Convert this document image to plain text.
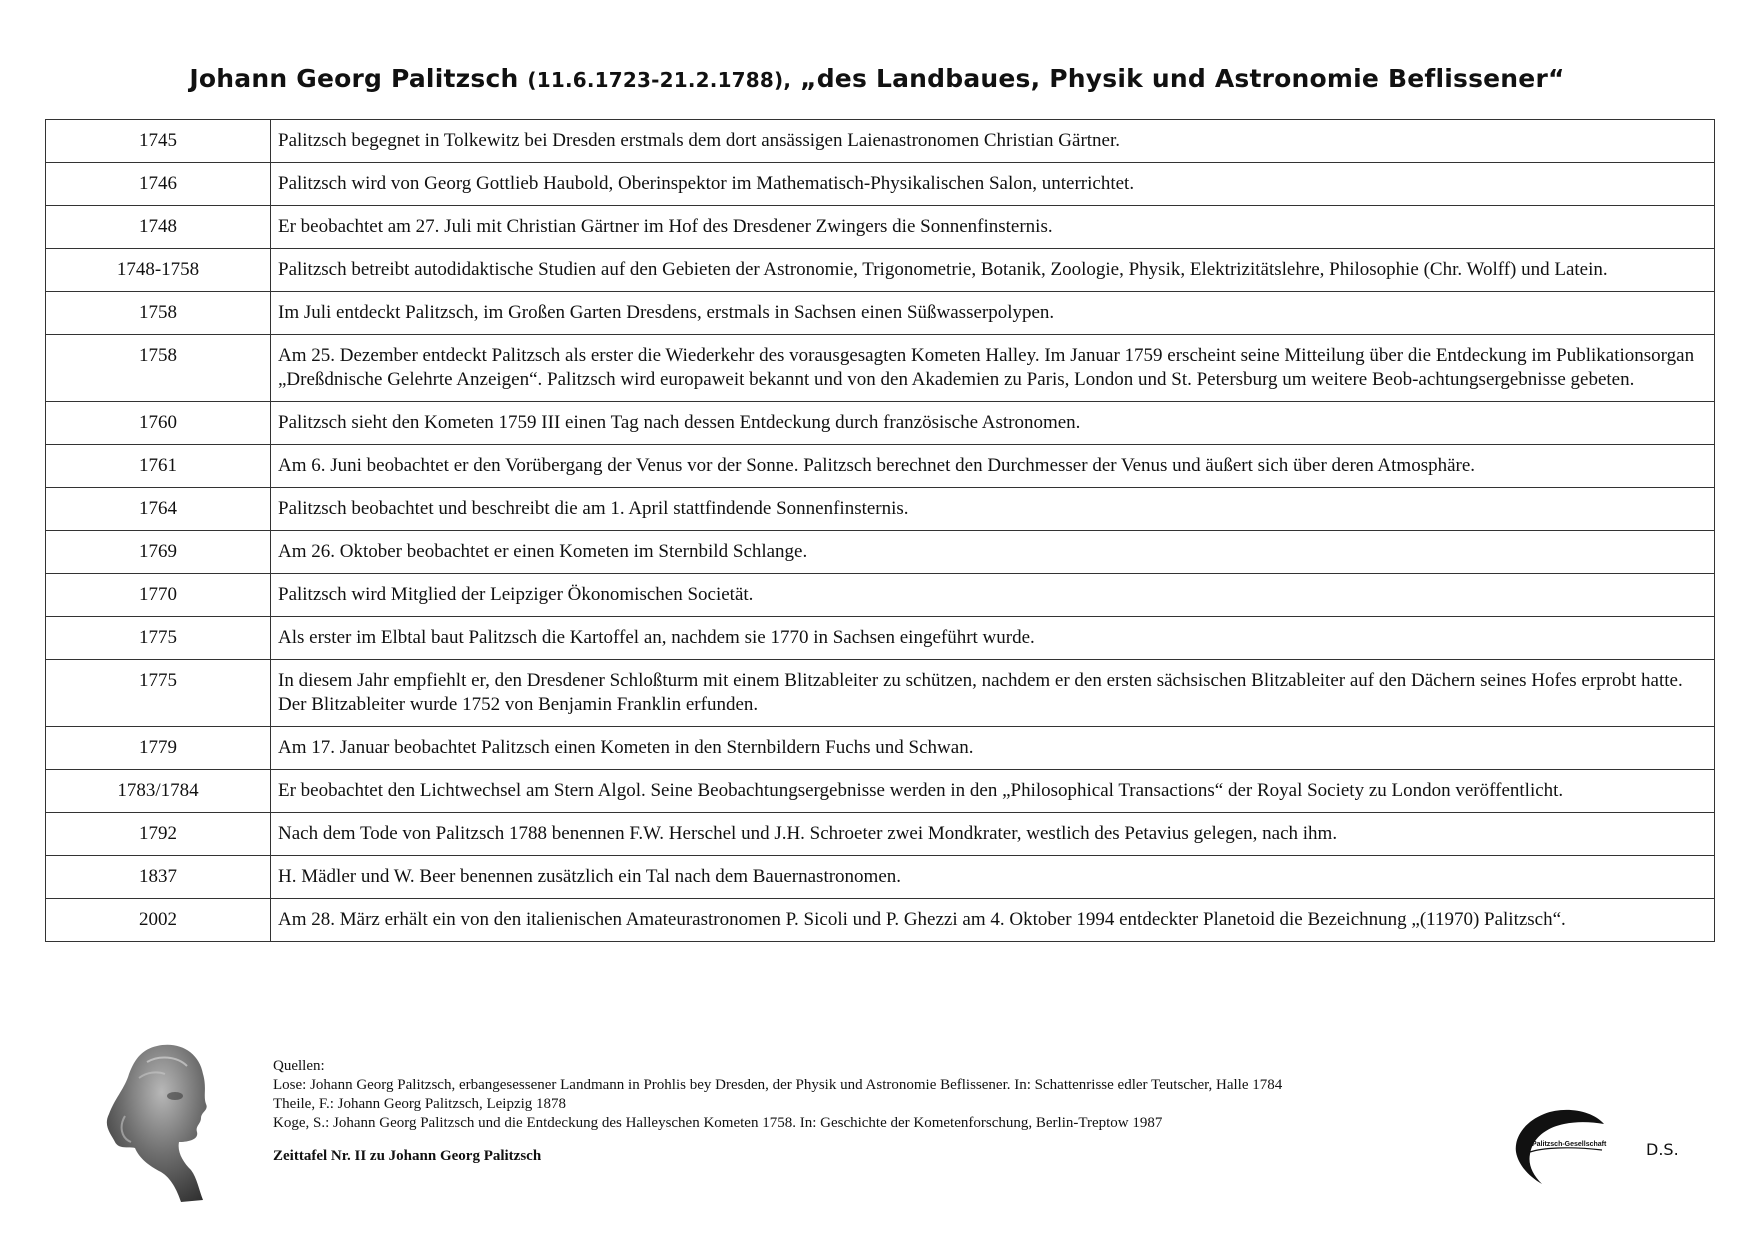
Johann Georg Palitzsch (11.6.1723-21.2.1788), „des Landbaues, Physik und Astronomie Beflissener“
1745	Palitzsch begegnet in Tolkewitz bei Dresden erstmals dem dort ansässigen Laienastronomen Christian Gärtner.
1746	Palitzsch wird von Georg Gottlieb Haubold, Oberinspektor im Mathematisch-Physikalischen Salon, unterrichtet.
1748	Er beobachtet am 27. Juli mit Christian Gärtner im Hof des Dresdener Zwingers die Sonnenfinsternis.
1748-1758	Palitzsch betreibt autodidaktische Studien auf den Gebieten der Astronomie, Trigonometrie, Botanik, Zoologie, Physik, Elektrizitätslehre, Philosophie (Chr. Wolff) und Latein.
1758	Im Juli entdeckt Palitzsch, im Großen Garten Dresdens, erstmals in Sachsen einen Süßwasserpolypen.
1758	Am 25. Dezember entdeckt Palitzsch als erster die Wiederkehr des vorausgesagten Kometen Halley. Im Januar 1759 erscheint seine Mitteilung über die Entdeckung im Publikationsorgan „Dreßdnische Gelehrte Anzeigen“. Palitzsch wird europaweit bekannt und von den Akademien zu Paris, London und St. Petersburg um weitere Beob-achtungsergebnisse gebeten.
1760	Palitzsch sieht den Kometen 1759 III einen Tag nach dessen Entdeckung durch französische Astronomen.
1761	Am 6. Juni beobachtet er den Vorübergang der Venus vor der Sonne. Palitzsch berechnet den Durchmesser der Venus und äußert sich über deren Atmosphäre.
1764	Palitzsch beobachtet und beschreibt die am 1. April stattfindende Sonnenfinsternis.
1769	Am 26. Oktober beobachtet er einen Kometen im Sternbild Schlange.
1770	Palitzsch wird Mitglied der Leipziger Ökonomischen Societät.
1775	Als erster im Elbtal baut Palitzsch die Kartoffel an, nachdem sie 1770 in Sachsen eingeführt wurde.
1775	In diesem Jahr empfiehlt er, den Dresdener Schloßturm mit einem Blitzableiter zu schützen, nachdem er den ersten sächsischen Blitzableiter auf den Dächern seines Hofes erprobt hatte. Der Blitzableiter wurde 1752 von Benjamin Franklin erfunden.
1779	Am 17. Januar beobachtet Palitzsch einen Kometen in den Sternbildern Fuchs und Schwan.
1783/1784	Er beobachtet den Lichtwechsel am Stern Algol. Seine Beobachtungsergebnisse werden in den „Philosophical Transactions“ der Royal Society zu London veröffentlicht.
1792	Nach dem Tode von Palitzsch 1788 benennen F.W. Herschel und J.H. Schroeter zwei Mondkrater, westlich des Petavius gelegen, nach ihm.
1837	H. Mädler und W. Beer benennen zusätzlich ein Tal nach dem Bauernastronomen.
2002	Am 28. März erhält ein von den italienischen Amateurastronomen P. Sicoli und P. Ghezzi am 4. Oktober 1994 entdeckter Planetoid die Bezeichnung „(11970) Palitzsch“.
Quellen:
Lose: Johann Georg Palitzsch, erbangesessener Landmann in Prohlis bey Dresden, der Physik und Astronomie Beflissener. In: Schattenrisse edler Teutscher, Halle 1784
Theile, F.: Johann Georg Palitzsch, Leipzig 1878
Koge, S.: Johann Georg Palitzsch und die Entdeckung des Halleyschen Kometen 1758. In: Geschichte der Kometenforschung, Berlin-Treptow 1987
Zeittafel Nr. II zu Johann Georg Palitzsch
Palitzsch-Gesellschaft D.S.
